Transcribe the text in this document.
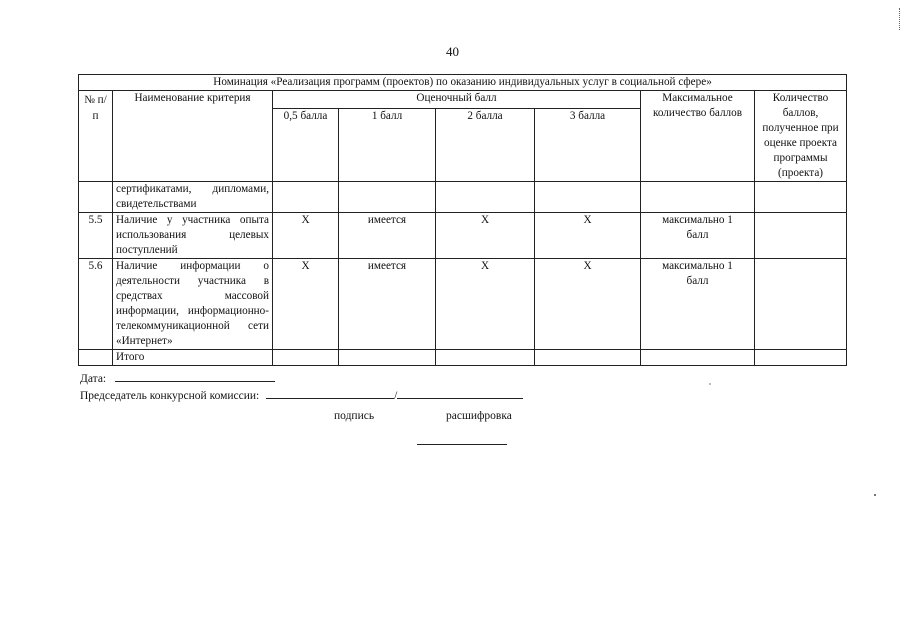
40
Номинация «Реализация программ (проектов) по оказанию индивидуальных услуг в социальной сфере»							
№ п/п	Наименование критерия	Оценочный балл				Максимальное количество баллов	Количество баллов, полученное при оценке проекта программы (проекта)
		0,5 балла	1 балл	2 балла	3 балла		
	сертификатами, дипломами, свидетельствами						
5.5	Наличие у участника опыта использования целевых поступлений	Х	имеется	Х	Х	максимально 1 балл	
5.6	Наличие информации о деятельности участника в средствах массовой информации, информационно-телекоммуникационной сети «Интернет»	Х	имеется	Х	Х	максимально 1 балл	
	Итого						
Дата:
Председатель конкурсной комиссии:	/
подпись	расшифровка
